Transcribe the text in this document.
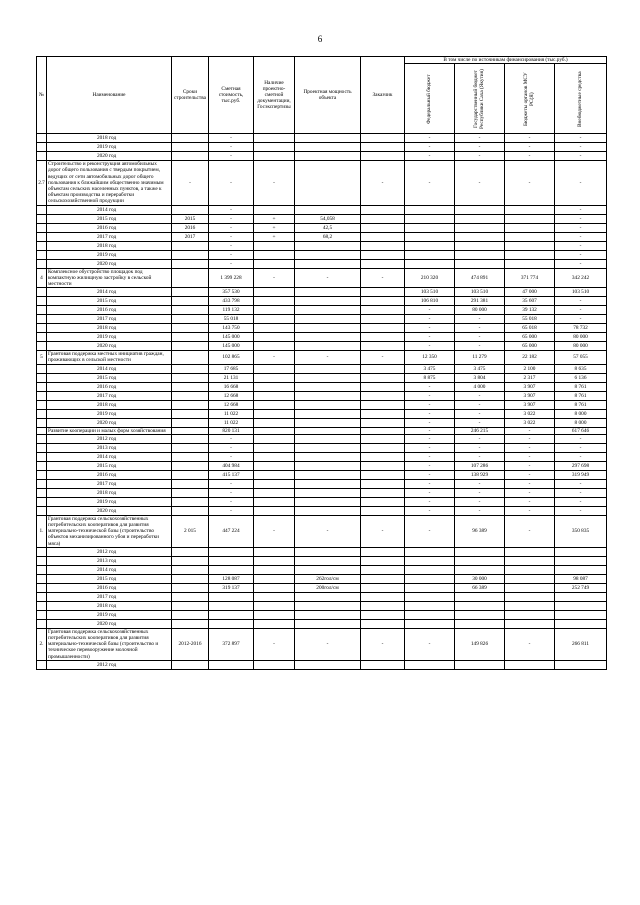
6
№	Наименование	Сроки строительства	Сметная стоимость, тыс.руб.	Наличие проектно-сметной документации, Госэкспертизы	Проектная мощность объекта	Заказчик	В том числе по источникам финансирования (тыс.руб.)			

							Федеральный бюджет	Государственный бюджет Республики Саха (Якутия)	Бюджеты органов МСУ РС(Я)	Внебюджетные средства

	2018 год		-				-	-	-	-
	2019 год		-				-	-	-	-
	2020 год		-				-	-	-	-
2.7	Строительство и реконструкция автомобильных дорог общего пользования с твердым покрытием, ведущих от сети автомобильных дорог общего пользования к ближайшим общественно значимым объектам сельских населенных пунктов, а также к объектам производства и переработки сельскохозяйственной продукции	-	-	-		-	-	-	-	-
	2014 год		-							-
	2015 год	2015	-	+	54,058					-
	2016 год	2016	-	+	42,5					-
	2017 год	2017	-	+	68,2					-
	2018 год		-							-
	2019 год		-							-
	2020 год		-							-
4	Комплексное обустройство площадок под компактную жилищную застройку в сельской местности		1 399 228	-	-	-	210 320	474 891	371 774	342 242
	2014 год		357 530				103 510	103 510	47 000	103 510
	2015 год		433 798				106 810	291 381	35 607	-
	2016 год		119 132				-	80 000	39 132	-
	2017 год		55 018				-	-	55 018	-
	2018 год		143 750				-	-	65 018	78 732
	2019 год		145 000				-	-	65 000	80 000
	2020 год		145 000				-	-	65 000	80 000
5	Грантовая поддержка местных инициатив граждан, проживающих в сельской местности		102 865	-	-	-	12 350	11 279	22 182	57 055
	2014 год		17 685				3 475	3 475	2 100	8 635
	2015 год		21 131				8 875	3 804	2 317	6 136
	2016 год		16 668				-	4 000	3 907	8 761
	2017 год		12 668				-	-	3 907	8 761
	2018 год		12 668				-	-	3 907	8 761
	2019 год		11 022				-	-	3 022	8 000
	2020 год		11 022				-	-	3 022	8 000
	Развитие кооперации и малых форм хозяйствования		820 131				-	246 215	-	617 646
	2012 год		-				-	-	-	-
	2013 год		-				-	-	-	-
	2014 год		-				-	-	-	-
	2015 год		404 984				-	107 286	-	297 698
	2016 год		415 137				-	138 929	-	319 949
	2017 год		-				-	-	-	-
	2018 год		-				-	-	-	-
	2019 год		-				-	-	-	-
	2020 год		-				-	-	-	-
1.	Грантовая поддержка сельскохозяйственных потребительских кооперативов для развития материально-технической базы (строительство объектов механизированного убоя и переработки мяса)	2 015	447 224	-	-	-	-	96 389	-	350 835
	2012 год									
	2013 год									
	2014 год									
	2015 год		128 087		262гол/см			30 000		98 087
	2016 год		319 137		200гол/см			66 389		252 749
	2017 год									
	2018 год									
	2019 год									
	2020 год									
2.	Грантовая поддержка сельскохозяйственных потребительских кооперативов для развития материально-технической базы (строительство и техническое перевооружение молочной промышленности)	2012-2016	372 897	-	-	-	-	149 826	-	266 811
	2012 год									
